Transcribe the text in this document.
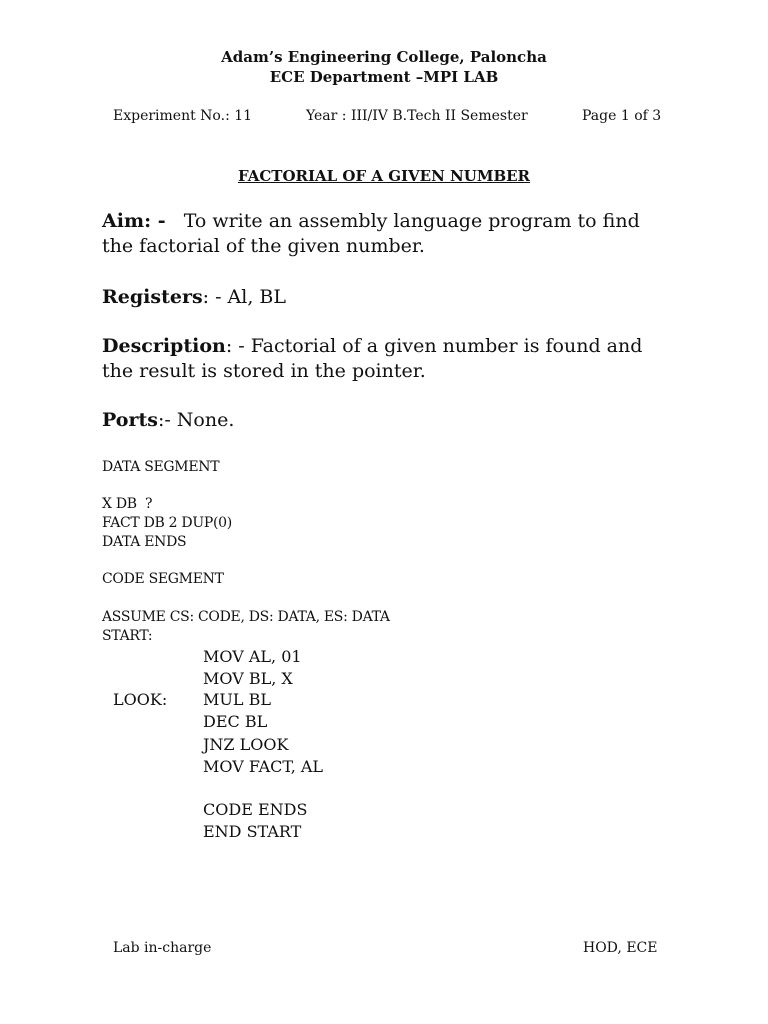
Adam’s Engineering College, Paloncha
ECE Department –MPI LAB
Experiment No.: 11	Year : III/IV B.Tech II Semester	Page 1 of 3
FACTORIAL OF A GIVEN NUMBER
Aim: -   To write an assembly language program to find the factorial of the given number.
Registers: - Al, BL
Description: - Factorial of a given number is found and the result is stored in the pointer.
Ports:- None.
DATA SEGMENT
X DB  ?
FACT DB 2 DUP(0)
DATA ENDS
CODE SEGMENT
ASSUME CS: CODE, DS: DATA, ES: DATA
START:
MOV AL, 01
MOV BL, X
LOOK: MUL BL
DEC BL
JNZ LOOK
MOV FACT, AL
CODE ENDS
END START
Lab in-charge	HOD, ECE
